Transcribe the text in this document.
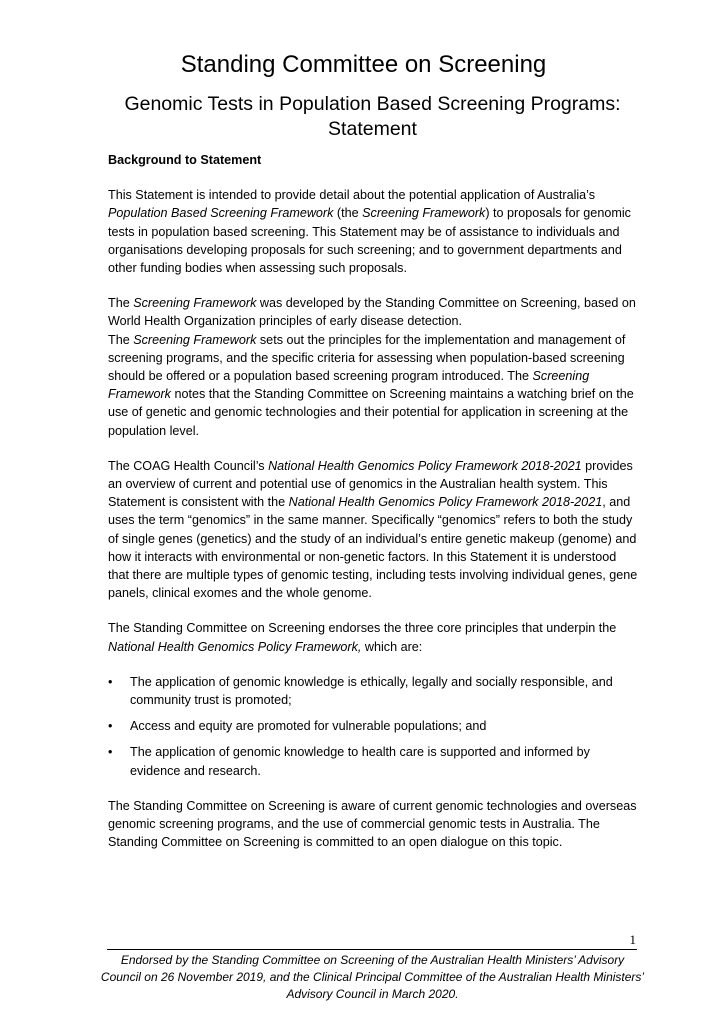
Standing Committee on Screening
Genomic Tests in Population Based Screening Programs:
Statement
Background to Statement

This Statement is intended to provide detail about the potential application of Australia’s Population Based Screening Framework (the Screening Framework) to proposals for genomic tests in population based screening. This Statement may be of assistance to individuals and organisations developing proposals for such screening; and to government departments and other funding bodies when assessing such proposals.

The Screening Framework was developed by the Standing Committee on Screening, based on World Health Organization principles of early disease detection.
The Screening Framework sets out the principles for the implementation and management of screening programs, and the specific criteria for assessing when population-based screening should be offered or a population based screening program introduced. The Screening Framework notes that the Standing Committee on Screening maintains a watching brief on the use of genetic and genomic technologies and their potential for application in screening at the population level.

The COAG Health Council’s National Health Genomics Policy Framework 2018-2021 provides an overview of current and potential use of genomics in the Australian health system. This Statement is consistent with the National Health Genomics Policy Framework 2018-2021, and uses the term “genomics” in the same manner. Specifically “genomics” refers to both the study of single genes (genetics) and the study of an individual’s entire genetic makeup (genome) and how it interacts with environmental or non-genetic factors. In this Statement it is understood that there are multiple types of genomic testing, including tests involving individual genes, gene panels, clinical exomes and the whole genome.

The Standing Committee on Screening endorses the three core principles that underpin the National Health Genomics Policy Framework, which are:

• The application of genomic knowledge is ethically, legally and socially responsible, and community trust is promoted;
• Access and equity are promoted for vulnerable populations; and
• The application of genomic knowledge to health care is supported and informed by evidence and research.

The Standing Committee on Screening is aware of current genomic technologies and overseas genomic screening programs, and the use of commercial genomic tests in Australia. The Standing Committee on Screening is committed to an open dialogue on this topic.

1
Endorsed by the Standing Committee on Screening of the Australian Health Ministers’ Advisory Council on 26 November 2019, and the Clinical Principal Committee of the Australian Health Ministers’ Advisory Council in March 2020.
